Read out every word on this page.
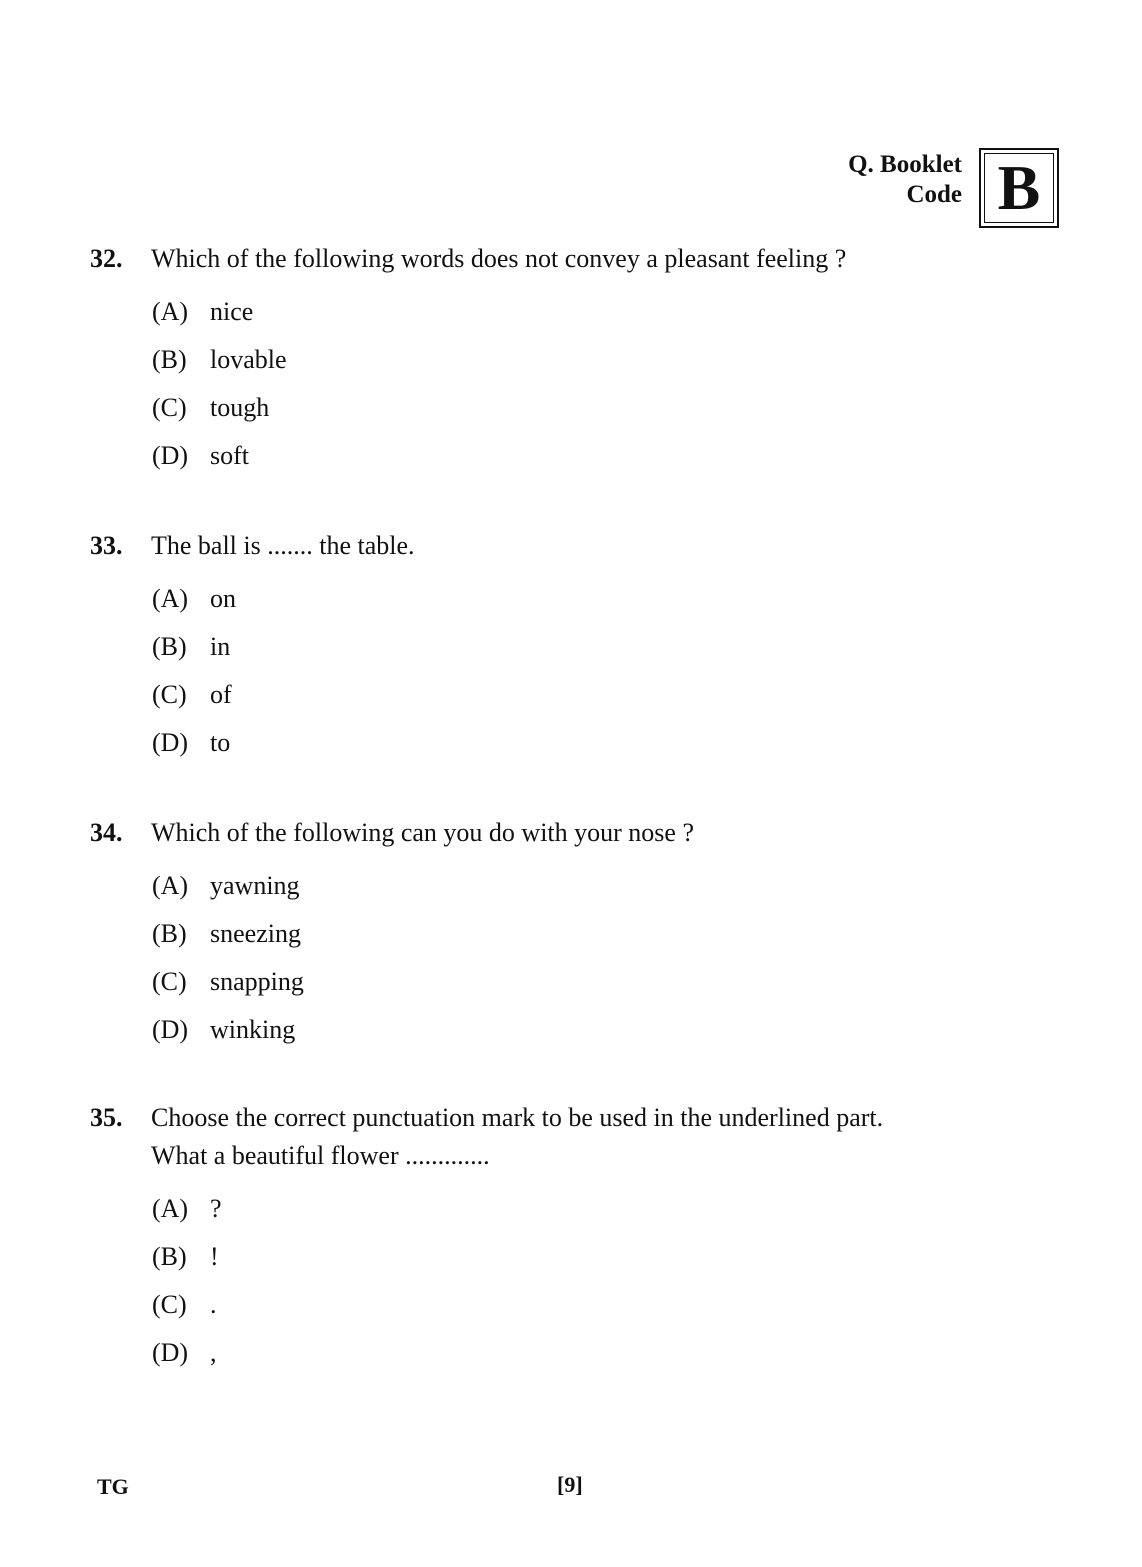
Q. Booklet
Code B
32.	Which of the following words does not convey a pleasant feeling ?
(A) nice
(B) lovable
(C) tough
(D) soft
33.	The ball is ....... the table.
(A) on
(B) in
(C) of
(D) to
34.	Which of the following can you do with your nose ?
(A) yawning
(B) sneezing
(C) snapping
(D) winking
35.	Choose the correct punctuation mark to be used in the underlined part.
What a beautiful flower .............
(A) ?
(B) !
(C) .
(D) ,
TG	[9]
